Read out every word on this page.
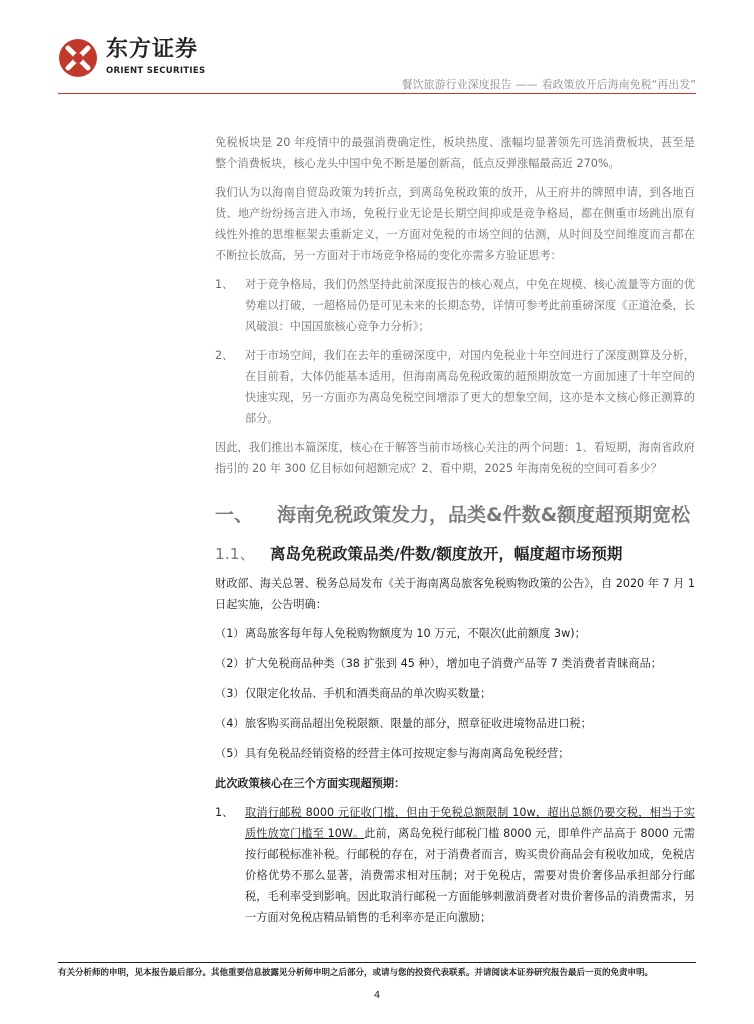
东方证券
ORIENT SECURITIES
餐饮旅游行业深度报告 —— 看政策放开后海南免税“再出发”

免税板块是 20 年疫情中的最强消费确定性，板块热度、涨幅均显著领先可选消费板块，甚至是整个消费板块，核心龙头中国中免不断是屡创新高，低点反弹涨幅最高近 270%。

我们认为以海南自贸岛政策为转折点，到离岛免税政策的放开，从王府井的牌照申请，到各地百货、地产纷纷扬言进入市场，免税行业无论是长期空间抑或是竞争格局，都在侧重市场跳出原有线性外推的思维框架去重新定义，一方面对免税的市场空间的估测，从时间及空间维度而言都在不断拉长放高，另一方面对于市场竞争格局的变化亦需多方验证思考：

1、	对于竞争格局，我们仍然坚持此前深度报告的核心观点，中免在规模、核心流量等方面的优势难以打破，一超格局仍是可见未来的长期态势，详情可参考此前重磅深度《正道沧桑，长风破浪：中国国旅核心竞争力分析》；
2、	对于市场空间，我们在去年的重磅深度中，对国内免税业十年空间进行了深度测算及分析，在目前看，大体仍能基本适用，但海南离岛免税政策的超预期放宽一方面加速了十年空间的快速实现，另一方面亦为离岛免税空间增添了更大的想象空间，这亦是本文核心修正测算的部分。

因此，我们推出本篇深度，核心在于解答当前市场核心关注的两个问题：1、看短期，海南省政府指引的 20 年 300 亿目标如何超额完成？2、看中期，2025 年海南免税的空间可看多少？

一、	海南免税政策发力，品类&件数&额度超预期宽松
1.1、 离岛免税政策品类/件数/额度放开，幅度超市场预期

财政部、海关总署、税务总局发布《关于海南离岛旅客免税购物政策的公告》，自 2020 年 7 月 1 日起实施，公告明确：

（1） 离岛旅客每年每人免税购物额度为 10 万元，不限次(此前额度 3w)；
（2） 扩大免税商品种类（38 扩张到 45 种），增加电子消费产品等 7 类消费者青睐商品；
（3） 仅限定化妆品、手机和酒类商品的单次购买数量；
（4） 旅客购买商品超出免税限额、限量的部分，照章征收进境物品进口税；
（5） 具有免税品经销资格的经营主体可按规定参与海南离岛免税经营；

此次政策核心在三个方面实现超预期：

1、	取消行邮税 8000 元征收门槛，但由于免税总额限制 10w，超出总额仍要交税，相当于实质性放宽门槛至 10W。此前，离岛免税行邮税门槛 8000 元，即单件产品高于 8000 元需按行邮税标准补税。行邮税的存在，对于消费者而言，购买贵价商品会有税收加成，免税店价格优势不那么显著，消费需求相对压制；对于免税店，需要对贵价奢侈品承担部分行邮税，毛利率受到影响。因此取消行邮税一方面能够刺激消费者对贵价奢侈品的消费需求，另一方面对免税店精品销售的毛利率亦是正向激励；
有关分析师的申明，见本报告最后部分。其他重要信息披露见分析师申明之后部分，或请与您的投资代表联系。并请阅读本证券研究报告最后一页的免责申明。
4
